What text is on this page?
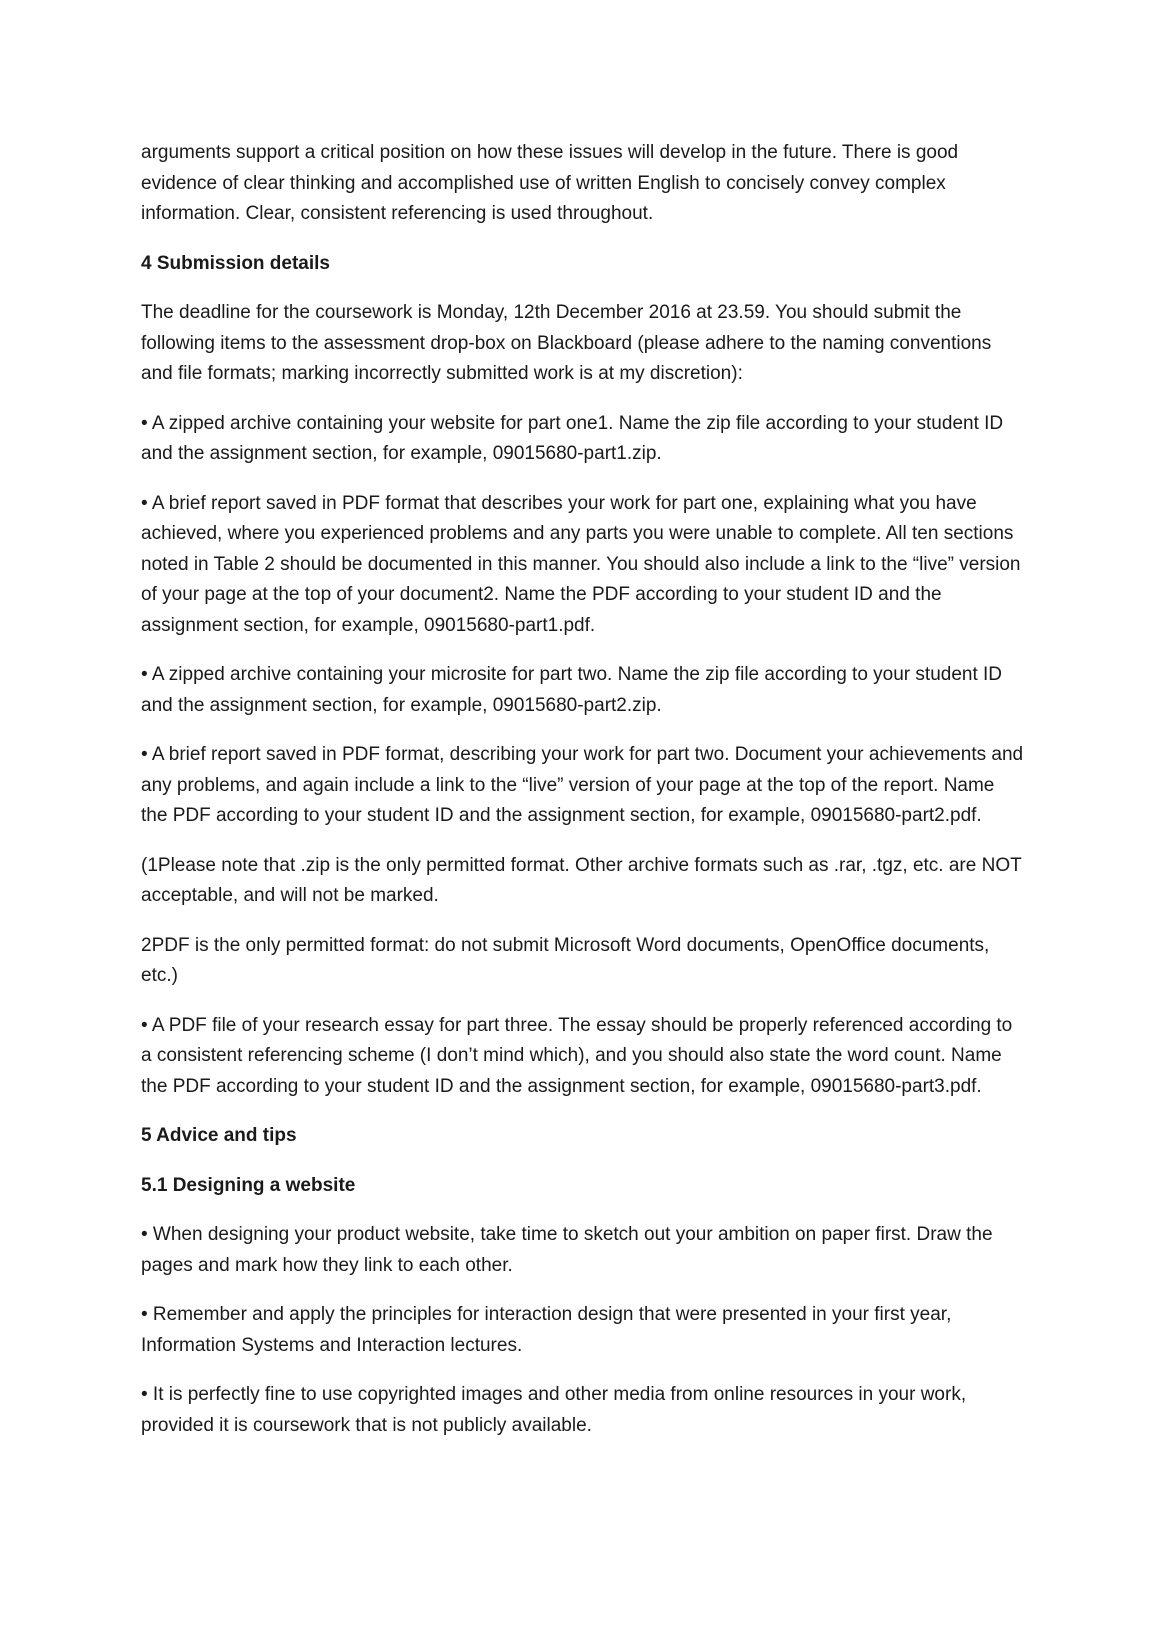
arguments support a critical position on how these issues will develop in the future. There is good evidence of clear thinking and accomplished use of written English to concisely convey complex information. Clear, consistent referencing is used throughout.

4 Submission details

The deadline for the coursework is Monday, 12th December 2016 at 23.59. You should submit the following items to the assessment drop-box on Blackboard (please adhere to the naming conventions and file formats; marking incorrectly submitted work is at my discretion):

• A zipped archive containing your website for part one1. Name the zip file according to your student ID and the assignment section, for example, 09015680-part1.zip.

• A brief report saved in PDF format that describes your work for part one, explaining what you have achieved, where you experienced problems and any parts you were unable to complete. All ten sections noted in Table 2 should be documented in this manner. You should also include a link to the “live” version of your page at the top of your document2. Name the PDF according to your student ID and the assignment section, for example, 09015680-part1.pdf.

• A zipped archive containing your microsite for part two. Name the zip file according to your student ID and the assignment section, for example, 09015680-part2.zip.

• A brief report saved in PDF format, describing your work for part two. Document your achievements and any problems, and again include a link to the “live” version of your page at the top of the report. Name the PDF according to your student ID and the assignment section, for example, 09015680-part2.pdf.

(1Please note that .zip is the only permitted format. Other archive formats such as .rar, .tgz, etc. are NOT acceptable, and will not be marked.

2PDF is the only permitted format: do not submit Microsoft Word documents, OpenOffice documents, etc.)

• A PDF file of your research essay for part three. The essay should be properly referenced according to a consistent referencing scheme (I don’t mind which), and you should also state the word count. Name the PDF according to your student ID and the assignment section, for example, 09015680-part3.pdf.

5 Advice and tips
5.1 Designing a website

• When designing your product website, take time to sketch out your ambition on paper first. Draw the pages and mark how they link to each other.

• Remember and apply the principles for interaction design that were presented in your first year, Information Systems and Interaction lectures.

• It is perfectly fine to use copyrighted images and other media from online resources in your work, provided it is coursework that is not publicly available.
